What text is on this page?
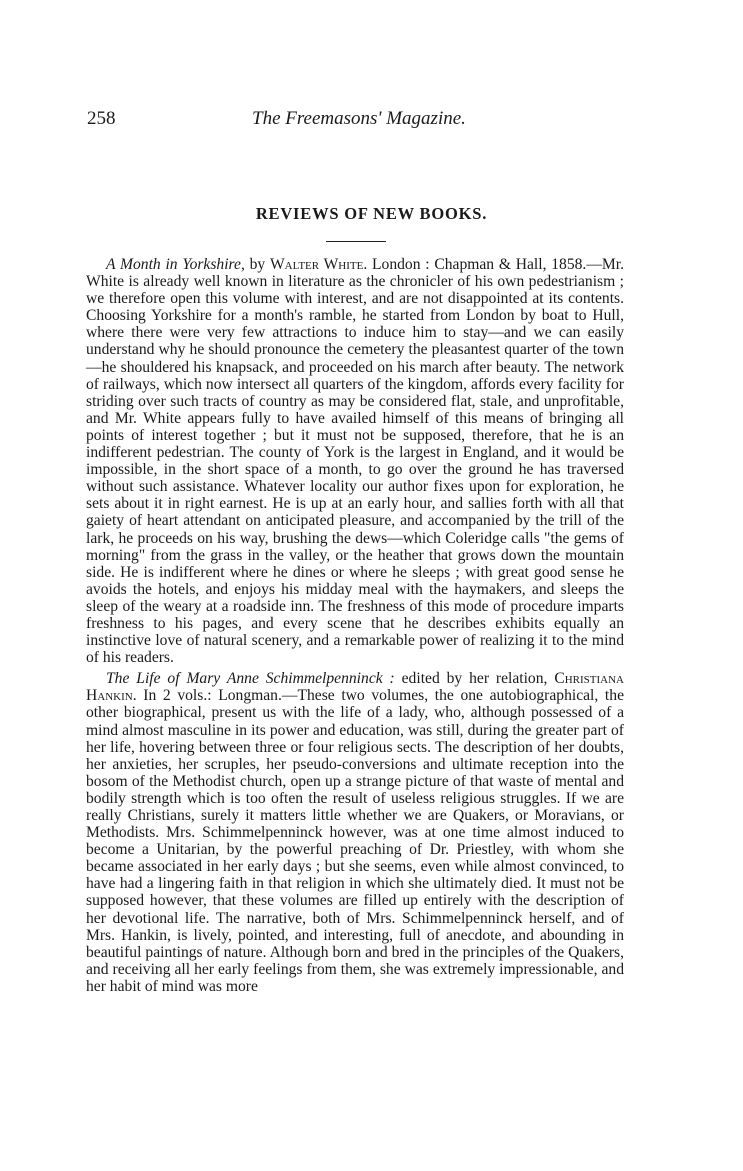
258	The Freemasons' Magazine.
REVIEWS OF NEW BOOKS.

A Month in Yorkshire, by Walter White. London : Chapman & Hall, 1858.—Mr. White is already well known in literature as the chronicler of his own pedestrianism ; we therefore open this volume with interest, and are not disappointed at its contents. Choosing Yorkshire for a month's ramble, he started from London by boat to Hull, where there were very few attractions to induce him to stay—and we can easily understand why he should pronounce the cemetery the pleasantest quarter of the town—he shouldered his knapsack, and proceeded on his march after beauty. The network of railways, which now intersect all quarters of the kingdom, affords every facility for striding over such tracts of country as may be considered flat, stale, and unprofitable, and Mr. White appears fully to have availed himself of this means of bringing all points of interest together ; but it must not be supposed, therefore, that he is an indifferent pedestrian. The county of York is the largest in England, and it would be impossible, in the short space of a month, to go over the ground he has traversed without such assistance. Whatever locality our author fixes upon for exploration, he sets about it in right earnest. He is up at an early hour, and sallies forth with all that gaiety of heart attendant on anticipated pleasure, and accompanied by the trill of the lark, he proceeds on his way, brushing the dews—which Coleridge calls "the gems of morning" from the grass in the valley, or the heather that grows down the mountain side. He is indifferent where he dines or where he sleeps ; with great good sense he avoids the hotels, and enjoys his midday meal with the haymakers, and sleeps the sleep of the weary at a roadside inn. The freshness of this mode of procedure imparts freshness to his pages, and every scene that he describes exhibits equally an instinctive love of natural scenery, and a remarkable power of realizing it to the mind of his readers.

The Life of Mary Anne Schimmelpenninck : edited by her relation, Christiana Hankin. In 2 vols.: Longman.—These two volumes, the one autobiographical, the other biographical, present us with the life of a lady, who, although possessed of a mind almost masculine in its power and education, was still, during the greater part of her life, hovering between three or four religious sects. The description of her doubts, her anxieties, her scruples, her pseudo-conversions and ultimate reception into the bosom of the Methodist church, open up a strange picture of that waste of mental and bodily strength which is too often the result of useless religious struggles. If we are really Christians, surely it matters little whether we are Quakers, or Moravians, or Methodists. Mrs. Schimmelpenninck however, was at one time almost induced to become a Unitarian, by the powerful preaching of Dr. Priestley, with whom she became associated in her early days ; but she seems, even while almost convinced, to have had a lingering faith in that religion in which she ultimately died. It must not be supposed however, that these volumes are filled up entirely with the description of her devotional life. The narrative, both of Mrs. Schimmelpenninck herself, and of Mrs. Hankin, is lively, pointed, and interesting, full of anecdote, and abounding in beautiful paintings of nature. Although born and bred in the principles of the Quakers, and receiving all her early feelings from them, she was extremely impressionable, and her habit of mind was more
